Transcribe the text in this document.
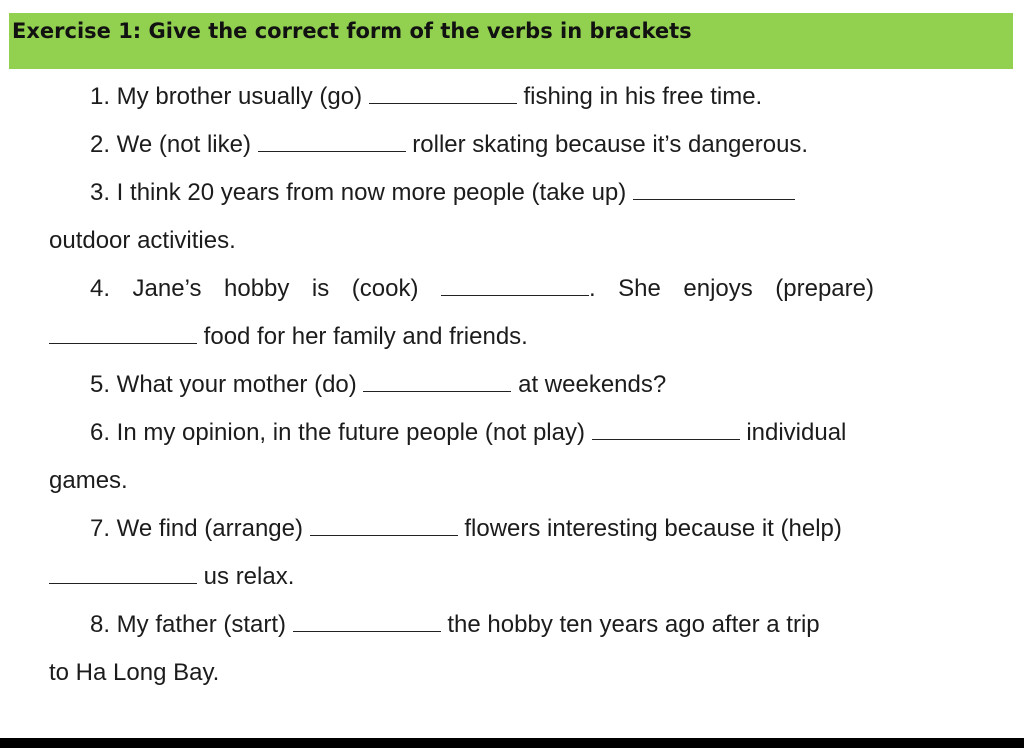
Exercise 1: Give the correct form of the verbs in brackets
1. My brother usually (go)	fishing in his free time.
2. We (not like)	roller skating because it’s dangerous.
3. I think 20 years from now more people (take up)
outdoor activities.
4. Jane’s hobby is (cook)	. She enjoys (prepare)
food for her family and friends.
5. What your mother (do)	at weekends?
6. In my opinion, in the future people (not play)	individual
games.
7. We find (arrange)	flowers interesting because it (help)
us relax.
8. My father (start)	the hobby ten years ago after a trip
to Ha Long Bay.
